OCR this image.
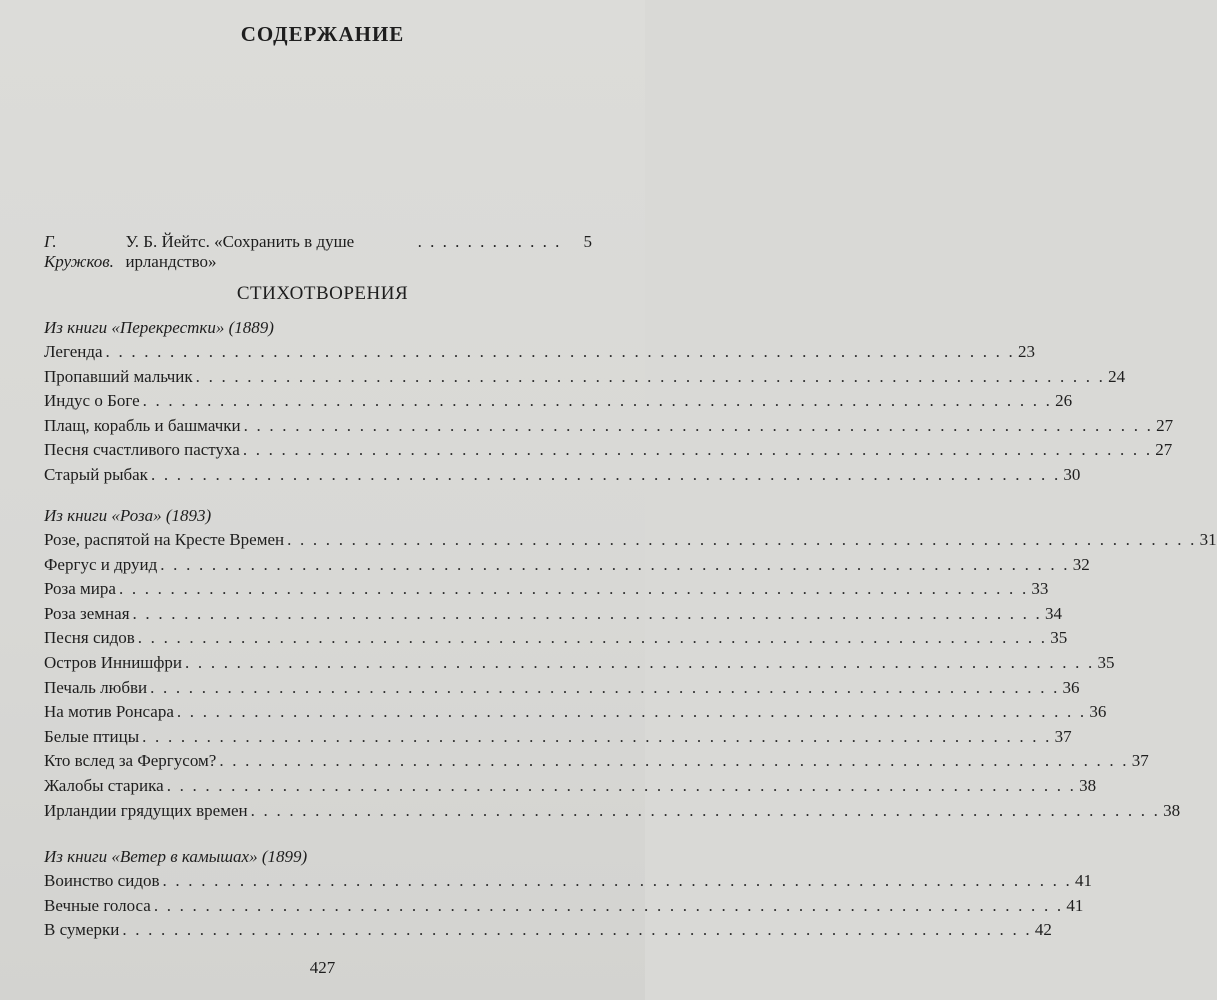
СОДЕРЖАНИЕ
Г. Кружков.

У. Б. Йейтс. «Сохранить в душе ирландство»
. . . . . . . . . . . .	5
СТИХОТВОРЕНИЯ
Из книги «Перекрестки» (1889)
Легенда . . . . . . . . . . . . . . . . . . . . . . . . . . . . . . . . . . . . . . . . . . . . . . . . . . . . . . . . . . . . . . . . . . . . . . . 23
Пропавший мальчик . . . . . . . . . . . . . . . . . . . . . . . . . . . . . . . . . . . . . . . . . . . . . . . . . . . . . . . . . . . . . . . . . . . . . . . 24
Индус о Боге . . . . . . . . . . . . . . . . . . . . . . . . . . . . . . . . . . . . . . . . . . . . . . . . . . . . . . . . . . . . . . . . . . . . . . . 26
Плащ, корабль и башмачки . . . . . . . . . . . . . . . . . . . . . . . . . . . . . . . . . . . . . . . . . . . . . . . . . . . . . . . . . . . . . . . . . . . . . . . 27
Песня счастливого пастуха . . . . . . . . . . . . . . . . . . . . . . . . . . . . . . . . . . . . . . . . . . . . . . . . . . . . . . . . . . . . . . . . . . . . . . . 27
Старый рыбак . . . . . . . . . . . . . . . . . . . . . . . . . . . . . . . . . . . . . . . . . . . . . . . . . . . . . . . . . . . . . . . . . . . . . . . 30
Из книги «Роза» (1893)
Розе, распятой на Кресте Времен . . . . . . . . . . . . . . . . . . . . . . . . . . . . . . . . . . . . . . . . . . . . . . . . . . . . . . . . . . . . . . . . . . . . . . . 31
Фергус и друид . . . . . . . . . . . . . . . . . . . . . . . . . . . . . . . . . . . . . . . . . . . . . . . . . . . . . . . . . . . . . . . . . . . . . . . 32
Роза мира . . . . . . . . . . . . . . . . . . . . . . . . . . . . . . . . . . . . . . . . . . . . . . . . . . . . . . . . . . . . . . . . . . . . . . . 33
Роза земная . . . . . . . . . . . . . . . . . . . . . . . . . . . . . . . . . . . . . . . . . . . . . . . . . . . . . . . . . . . . . . . . . . . . . . . 34
Песня сидов . . . . . . . . . . . . . . . . . . . . . . . . . . . . . . . . . . . . . . . . . . . . . . . . . . . . . . . . . . . . . . . . . . . . . . . 35
Остров Иннишфри . . . . . . . . . . . . . . . . . . . . . . . . . . . . . . . . . . . . . . . . . . . . . . . . . . . . . . . . . . . . . . . . . . . . . . . 35
Печаль любви . . . . . . . . . . . . . . . . . . . . . . . . . . . . . . . . . . . . . . . . . . . . . . . . . . . . . . . . . . . . . . . . . . . . . . . 36
На мотив Ронсара . . . . . . . . . . . . . . . . . . . . . . . . . . . . . . . . . . . . . . . . . . . . . . . . . . . . . . . . . . . . . . . . . . . . . . . 36
Белые птицы . . . . . . . . . . . . . . . . . . . . . . . . . . . . . . . . . . . . . . . . . . . . . . . . . . . . . . . . . . . . . . . . . . . . . . . 37
Кто вслед за Фергусом? . . . . . . . . . . . . . . . . . . . . . . . . . . . . . . . . . . . . . . . . . . . . . . . . . . . . . . . . . . . . . . . . . . . . . . . 37
Жалобы старика . . . . . . . . . . . . . . . . . . . . . . . . . . . . . . . . . . . . . . . . . . . . . . . . . . . . . . . . . . . . . . . . . . . . . . . 38
Ирландии грядущих времен . . . . . . . . . . . . . . . . . . . . . . . . . . . . . . . . . . . . . . . . . . . . . . . . . . . . . . . . . . . . . . . . . . . . . . . 38
Из книги «Ветер в камышах» (1899)
Воинство сидов . . . . . . . . . . . . . . . . . . . . . . . . . . . . . . . . . . . . . . . . . . . . . . . . . . . . . . . . . . . . . . . . . . . . . . . 41
Вечные голоса . . . . . . . . . . . . . . . . . . . . . . . . . . . . . . . . . . . . . . . . . . . . . . . . . . . . . . . . . . . . . . . . . . . . . . . 41
В сумерки . . . . . . . . . . . . . . . . . . . . . . . . . . . . . . . . . . . . . . . . . . . . . . . . . . . . . . . . . . . . . . . . . . . . . . . 42
427
